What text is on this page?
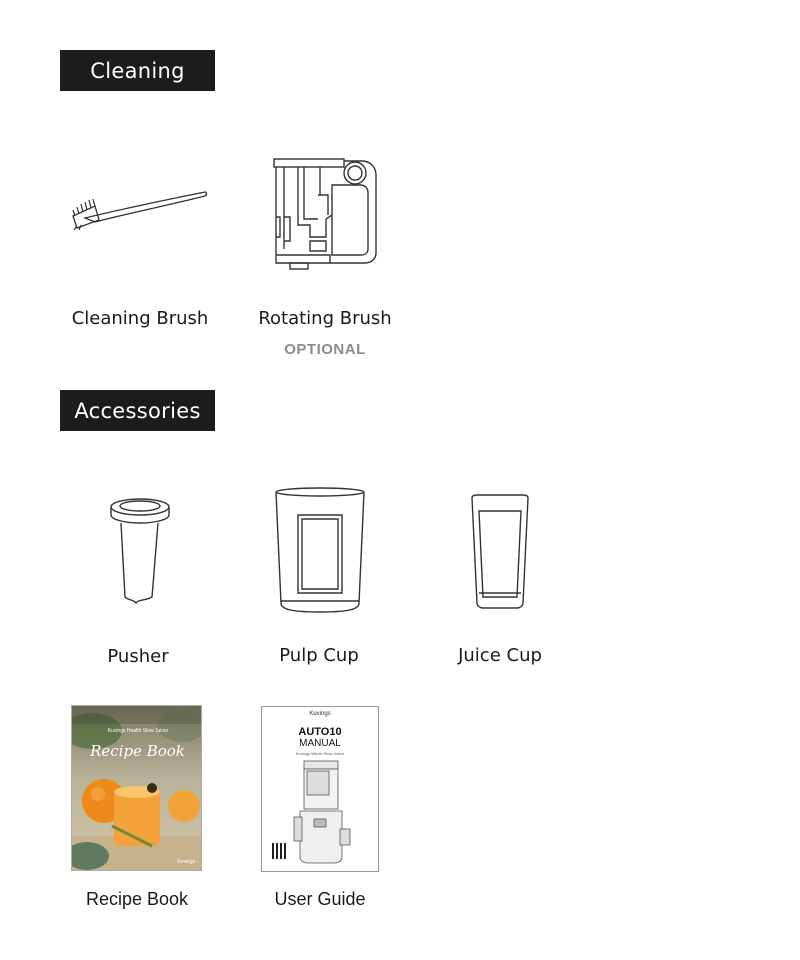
Cleaning
Cleaning Brush	Rotating Brush
OPTIONAL
Accessories
Pusher	Pulp Cup	Juice Cup
Kuvings Health Slow Juicer
Recipe Book
Kuvings
Recipe Book
Kuvings
AUTO10
MANUAL
Kuvings Whole Slow Juicer
User Guide
